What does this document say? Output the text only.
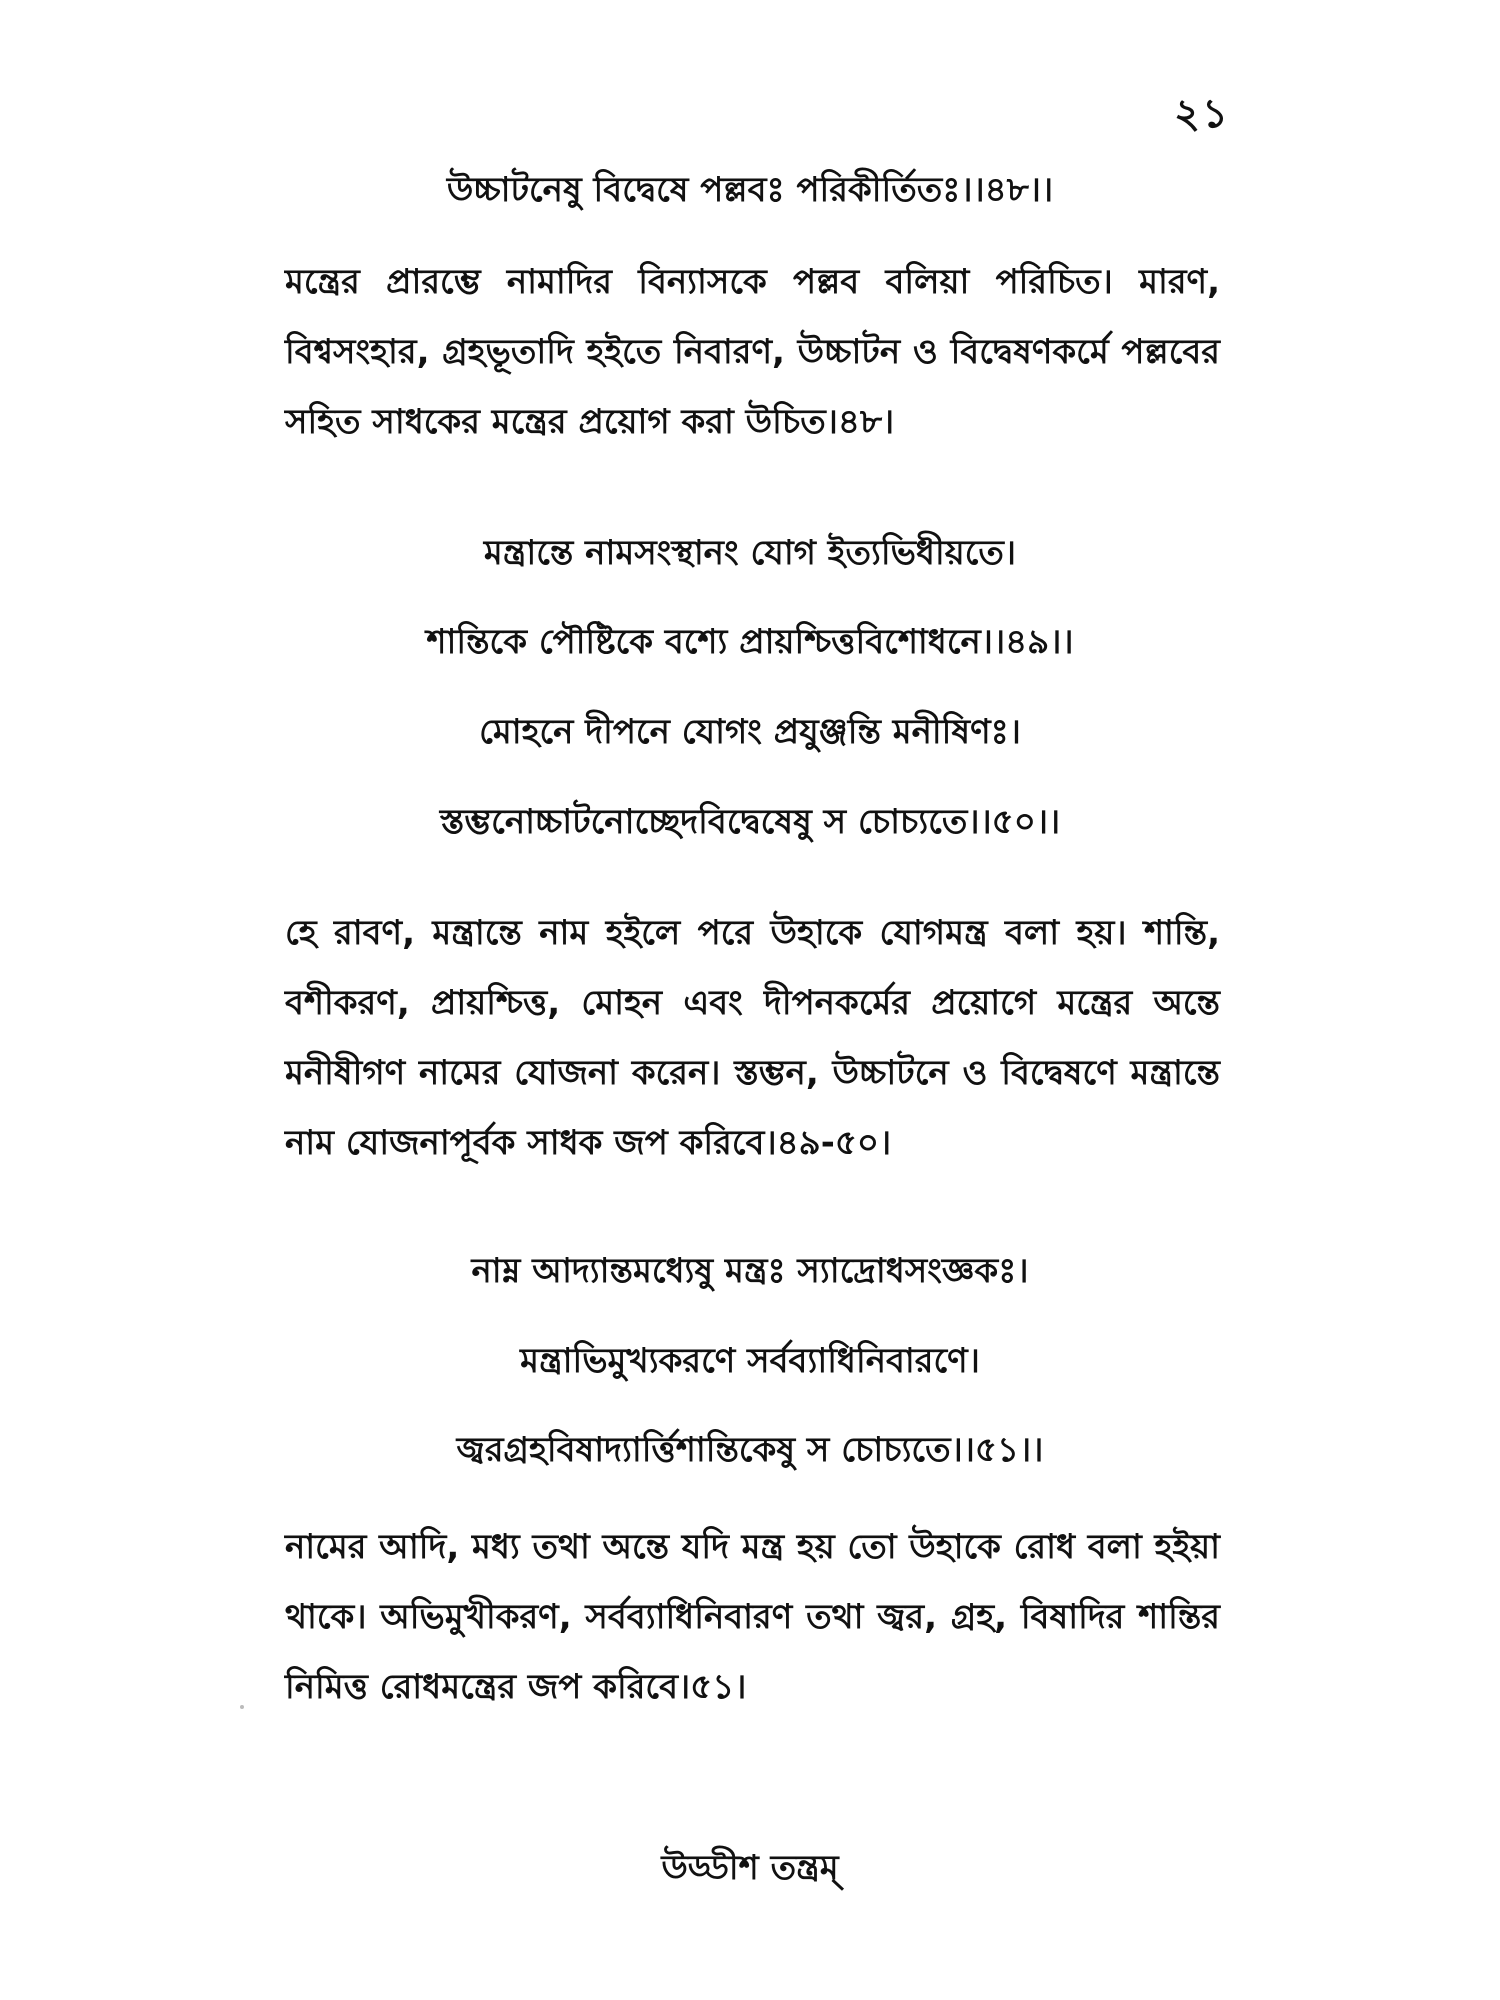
২১
উচ্চাটনেষু বিদ্বেষে পল্লবঃ পরিকীর্তিতঃ।।৪৮।।

মন্ত্রের প্রারম্ভে নামাদির বিন্যাসকে পল্লব বলিয়া পরিচিত। মারণ, বিশ্বসংহার, গ্রহভূতাদি হইতে নিবারণ, উচ্চাটন ও বিদ্বেষণকর্মে পল্লবের সহিত সাধকের মন্ত্রের প্রয়োগ করা উচিত।৪৮।

মন্ত্রান্তে নামসংস্থানং যোগ ইত্যভিধীয়তে।
শান্তিকে পৌষ্টিকে বশ্যে প্রায়শ্চিত্তবিশোধনে।।৪৯।।
মোহনে দীপনে যোগং প্রযুঞ্জন্তি মনীষিণঃ।
স্তম্ভনোচ্চাটনোচ্ছেদবিদ্বেষেষু স চোচ্যতে।।৫০।।

হে রাবণ, মন্ত্রান্তে নাম হইলে পরে উহাকে যোগমন্ত্র বলা হয়। শান্তি, বশীকরণ, প্রায়শ্চিত্ত, মোহন এবং দীপনকর্মের প্রয়োগে মন্ত্রের অন্তে মনীষীগণ নামের যোজনা করেন। স্তম্ভন, উচ্চাটনে ও বিদ্বেষণে মন্ত্রান্তে নাম যোজনাপূর্বক সাধক জপ করিবে।৪৯-৫০।

নাম্ন আদ্যান্তমধ্যেষু মন্ত্রঃ স্যাদ্রোধসংজ্ঞকঃ।
মন্ত্রাভিমুখ্যকরণে সর্বব্যাধিনিবারণে।
জ্বরগ্রহবিষাদ্যার্ত্তিশান্তিকেষু স চোচ্যতে।।৫১।।

নামের আদি, মধ্য তথা অন্তে যদি মন্ত্র হয় তো উহাকে রোধ বলা হইয়া থাকে। অভিমুখীকরণ, সর্বব্যাধিনিবারণ তথা জ্বর, গ্রহ, বিষাদির শান্তির নিমিত্ত রোধমন্ত্রের জপ করিবে।৫১।

উড্ডীশ তন্ত্রম্
